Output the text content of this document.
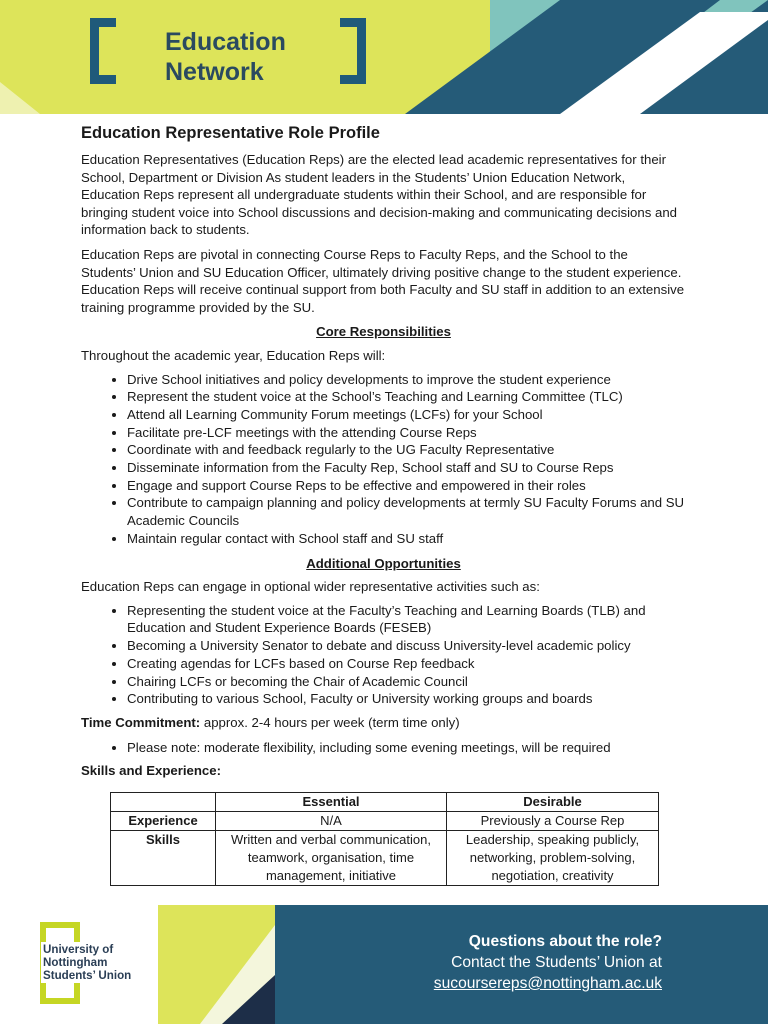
Education
Network
Education Representative Role Profile

Education Representatives (Education Reps) are the elected lead academic representatives for their School, Department or Division As student leaders in the Students’ Union Education Network, Education Reps represent all undergraduate students within their School, and are responsible for bringing student voice into School discussions and decision-making and communicating decisions and information back to students.

Education Reps are pivotal in connecting Course Reps to Faculty Reps, and the School to the Students’ Union and SU Education Officer, ultimately driving positive change to the student experience. Education Reps will receive continual support from both Faculty and SU staff in addition to an extensive training programme provided by the SU.

Core Responsibilities

Throughout the academic year, Education Reps will:

• Drive School initiatives and policy developments to improve the student experience
• Represent the student voice at the School’s Teaching and Learning Committee (TLC)
• Attend all Learning Community Forum meetings (LCFs) for your School
• Facilitate pre-LCF meetings with the attending Course Reps
• Coordinate with and feedback regularly to the UG Faculty Representative
• Disseminate information from the Faculty Rep, School staff and SU to Course Reps
• Engage and support Course Reps to be effective and empowered in their roles
• Contribute to campaign planning and policy developments at termly SU Faculty Forums and SU Academic Councils
• Maintain regular contact with School staff and SU staff
Additional Opportunities

Education Reps can engage in optional wider representative activities such as:

• Representing the student voice at the Faculty’s Teaching and Learning Boards (TLB) and Education and Student Experience Boards (FESEB)
• Becoming a University Senator to debate and discuss University-level academic policy
• Creating agendas for LCFs based on Course Rep feedback
• Chairing LCFs or becoming the Chair of Academic Council
• Contributing to various School, Faculty or University working groups and boards

Time Commitment: approx. 2-4 hours per week (term time only)

• Please note: moderate flexibility, including some evening meetings, will be required

Skills and Experience:

	Essential	Desirable
Experience	N/A	Previously a Course Rep
Skills	Written and verbal communication, teamwork, organisation, time management, initiative	Leadership, speaking publicly, networking, problem-solving, negotiation, creativity
University of Nottingham Students’ Union
Questions about the role?
Contact the Students’ Union at
sucoursereps@nottingham.ac.uk
